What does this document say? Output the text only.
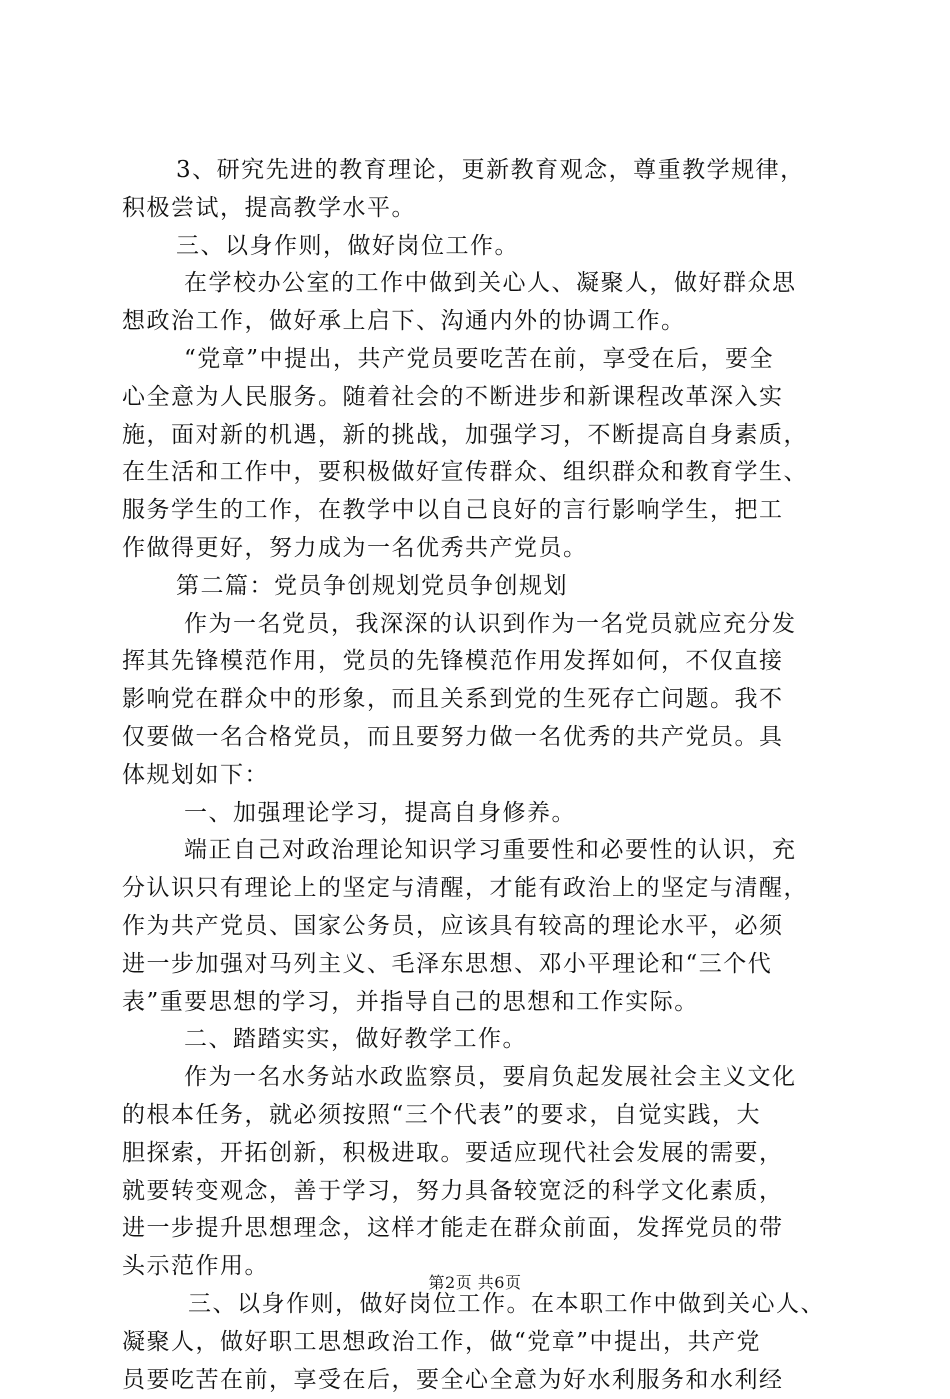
3、研究先进的教育理论，更新教育观念，尊重教学规律，
积极尝试，提高教学水平。
三、以身作则，做好岗位工作。
在学校办公室的工作中做到关心人、凝聚人，做好群众思
想政治工作，做好承上启下、沟通内外的协调工作。
“党章”中提出，共产党员要吃苦在前，享受在后，要全
心全意为人民服务。随着社会的不断进步和新课程改革深入实
施，面对新的机遇，新的挑战，加强学习，不断提高自身素质，
在生活和工作中，要积极做好宣传群众、组织群众和教育学生、
服务学生的工作，在教学中以自己良好的言行影响学生，把工
作做得更好，努力成为一名优秀共产党员。
第二篇：党员争创规划党员争创规划
作为一名党员，我深深的认识到作为一名党员就应充分发
挥其先锋模范作用，党员的先锋模范作用发挥如何，不仅直接
影响党在群众中的形象，而且关系到党的生死存亡问题。我不
仅要做一名合格党员，而且要努力做一名优秀的共产党员。具
体规划如下：
一、加强理论学习，提高自身修养。
端正自己对政治理论知识学习重要性和必要性的认识，充
分认识只有理论上的坚定与清醒，才能有政治上的坚定与清醒，
作为共产党员、国家公务员，应该具有较高的理论水平，必须
进一步加强对马列主义、毛泽东思想、邓小平理论和“三个代
表”重要思想的学习，并指导自己的思想和工作实际。
二、踏踏实实，做好教学工作。
作为一名水务站水政监察员，要肩负起发展社会主义文化
的根本任务，就必须按照“三个代表”的要求，自觉实践，大
胆探索，开拓创新，积极进取。要适应现代社会发展的需要，
就要转变观念，善于学习，努力具备较宽泛的科学文化素质，
进一步提升思想理念，这样才能走在群众前面，发挥党员的带
头示范作用。
三、以身作则，做好岗位工作。在本职工作中做到关心人、
凝聚人，做好职工思想政治工作，做“党章”中提出，共产党
员要吃苦在前，享受在后，要全心全意为好水利服务和水利经
第2页 共6页
